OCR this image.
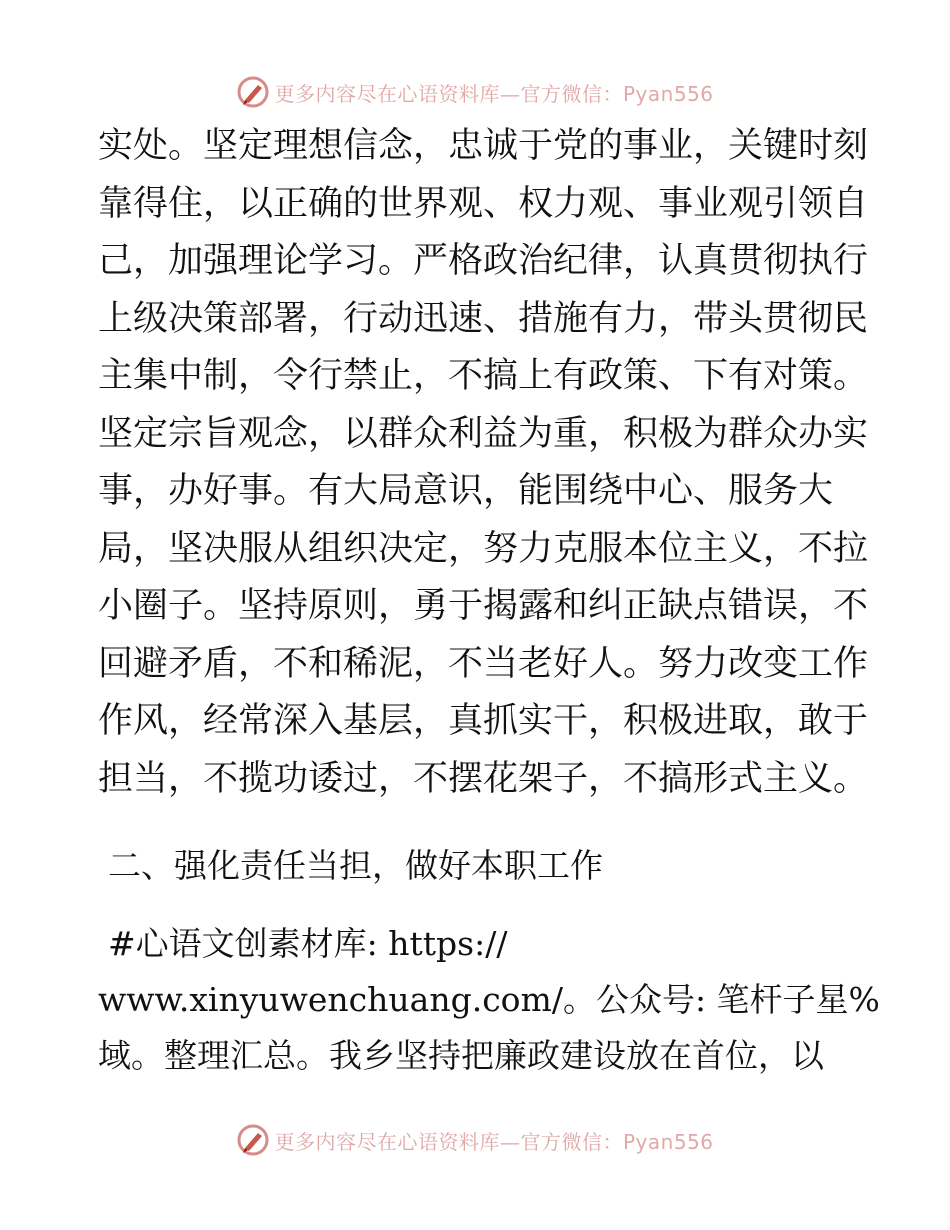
更多内容尽在心语资料库—官方微信：Pyan556
实处。坚定理想信念，忠诚于党的事业，关键时刻
靠得住，以正确的世界观、权力观、事业观引领自
己，加强理论学习。严格政治纪律，认真贯彻执行
上级决策部署，行动迅速、措施有力，带头贯彻民
主集中制，令行禁止，不搞上有政策、下有对策。
坚定宗旨观念，以群众利益为重，积极为群众办实
事，办好事。有大局意识，能围绕中心、服务大
局，坚决服从组织决定，努力克服本位主义，不拉
小圈子。坚持原则，勇于揭露和纠正缺点错误，不
回避矛盾，不和稀泥，不当老好人。努力改变工作
作风，经常深入基层，真抓实干，积极进取，敢于
担当，不揽功诿过，不摆花架子，不搞形式主义。
二、强化责任当担，做好本职工作
#心语文创素材库: https://
www.xinyuwenchuang.com/。公众号: 笔杆子星%
域。整理汇总。我乡坚持把廉政建设放在首位，以
更多内容尽在心语资料库—官方微信：Pyan556
